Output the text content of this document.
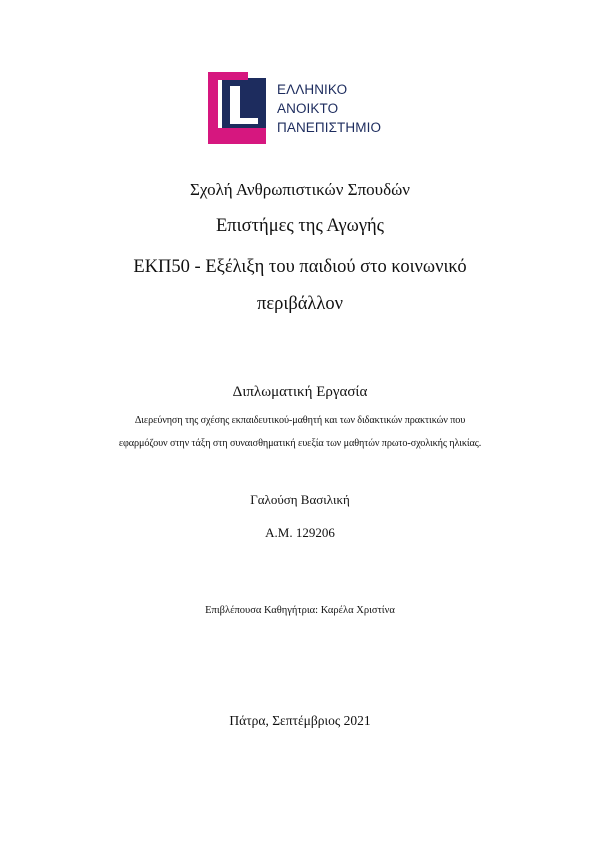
ΕΛΛΗΝΙΚΟ
ΑΝΟΙΚΤΟ
ΠΑΝΕΠΙΣΤΗΜΙΟ
Σχολή Ανθρωπιστικών Σπουδών
Επιστήμες της Αγωγής
ΕΚΠ50 - Εξέλιξη του παιδιού στο κοινωνικό
περιβάλλον
Διπλωματική Εργασία
Διερεύνηση της σχέσης εκπαιδευτικού-μαθητή και των διδακτικών πρακτικών που
εφαρμόζουν στην τάξη στη συναισθηματική ευεξία των μαθητών πρωτο-σχολικής ηλικίας.
Γαλούση Βασιλική
Α.Μ. 129206
Επιβλέπουσα Καθηγήτρια: Καρέλα Χριστίνα
Πάτρα, Σεπτέμβριος 2021
